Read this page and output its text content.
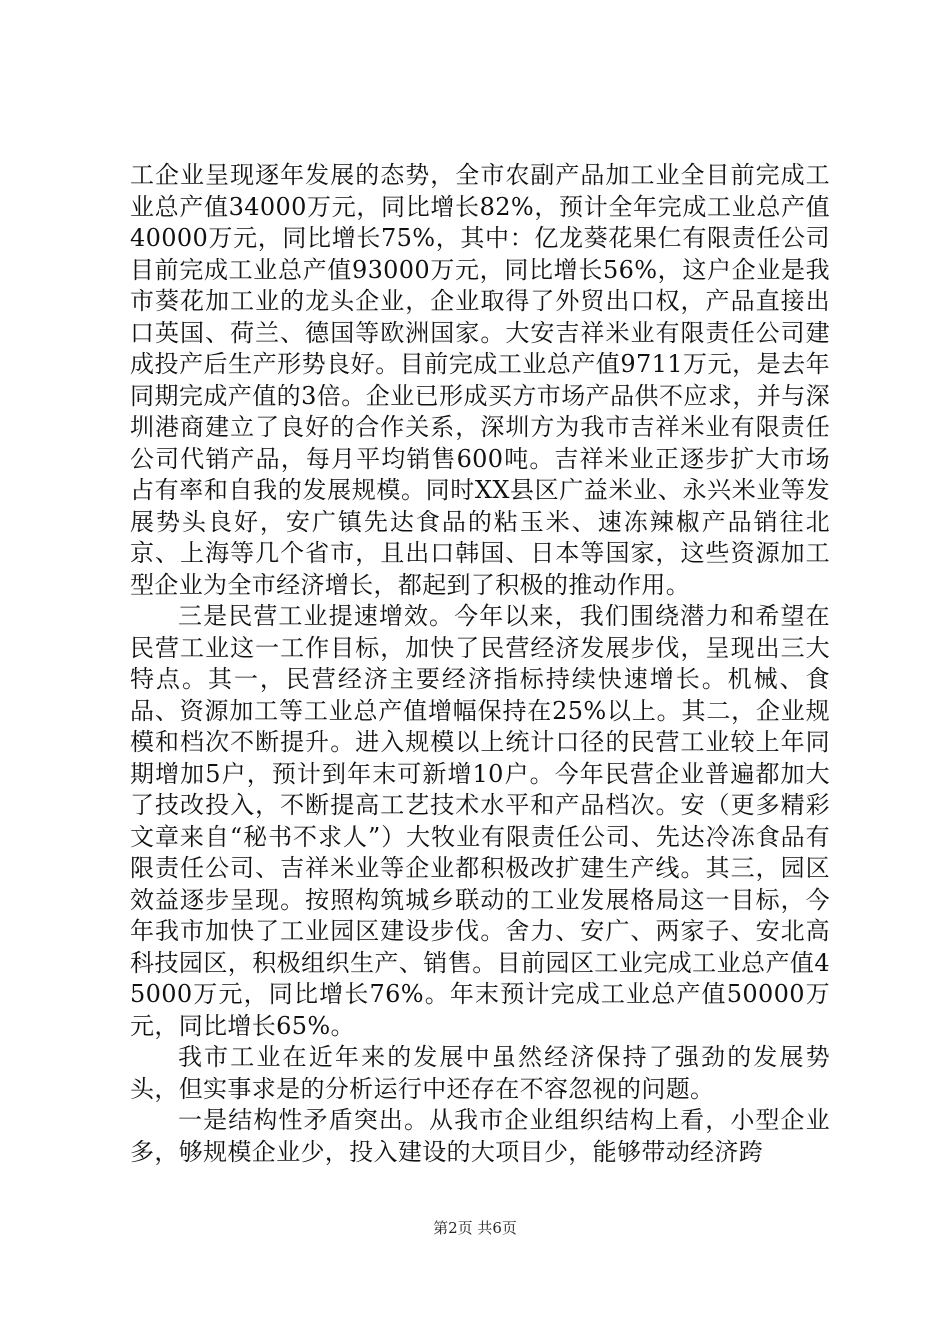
工企业呈现逐年发展的态势，全市农副产品加工业全目前完成工业总产值34000万元，同比增长82%，预计全年完成工业总产值40000万元，同比增长75%，其中：亿龙葵花果仁有限责任公司目前完成工业总产值93000万元，同比增长56%，这户企业是我市葵花加工业的龙头企业，企业取得了外贸出口权，产品直接出口英国、荷兰、德国等欧洲国家。大安吉祥米业有限责任公司建成投产后生产形势良好。目前完成工业总产值9711万元，是去年同期完成产值的3倍。企业已形成买方市场产品供不应求，并与深圳港商建立了良好的合作关系，深圳方为我市吉祥米业有限责任公司代销产品，每月平均销售600吨。吉祥米业正逐步扩大市场占有率和自我的发展规模。同时XX县区广益米业、永兴米业等发展势头良好，安广镇先达食品的粘玉米、速冻辣椒产品销往北京、上海等几个省市，且出口韩国、日本等国家，这些资源加工型企业为全市经济增长，都起到了积极的推动作用。

三是民营工业提速增效。今年以来，我们围绕潜力和希望在民营工业这一工作目标，加快了民营经济发展步伐，呈现出三大特点。其一，民营经济主要经济指标持续快速增长。机械、食品、资源加工等工业总产值增幅保持在25%以上。其二，企业规模和档次不断提升。进入规模以上统计口径的民营工业较上年同期增加5户，预计到年末可新增10户。今年民营企业普遍都加大了技改投入，不断提高工艺技术水平和产品档次。安（更多精彩文章来自“秘书不求人”）大牧业有限责任公司、先达冷冻食品有限责任公司、吉祥米业等企业都积极改扩建生产线。其三，园区效益逐步呈现。按照构筑城乡联动的工业发展格局这一目标，今年我市加快了工业园区建设步伐。舍力、安广、两家子、安北高科技园区，积极组织生产、销售。目前园区工业完成工业总产值45000万元，同比增长76%。年末预计完成工业总产值50000万元，同比增长65%。

我市工业在近年来的发展中虽然经济保持了强劲的发展势头，但实事求是的分析运行中还存在不容忽视的问题。

一是结构性矛盾突出。从我市企业组织结构上看，小型企业多，够规模企业少，投入建设的大项目少，能够带动经济跨

第2页 共6页
